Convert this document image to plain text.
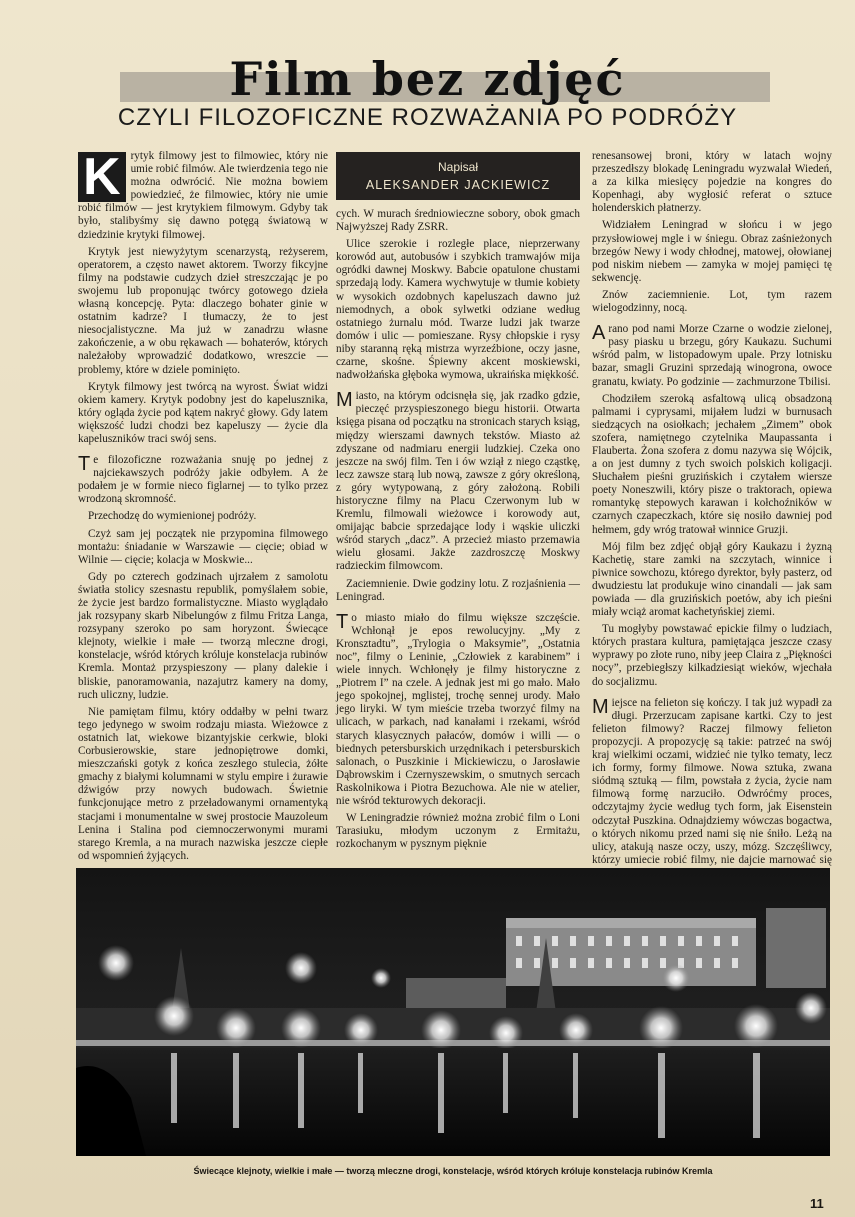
Film bez zdjęć
CZYLI FILOZOFICZNE ROZWAŻANIA PO PODRÓŻY

K rytyk filmowy jest to filmowiec, który nie umie robić filmów. Ale twierdzenia tego nie można odwrócić. Nie można bowiem powiedzieć, że filmowiec, który nie umie robić filmów — jest krytykiem filmowym. Gdyby tak było, stalibyśmy się dawno potęgą światową w dziedzinie krytyki filmowej.

Krytyk jest niewyżytym scenarzystą, reżyserem, operatorem, a często nawet aktorem. Tworzy fikcyjne filmy na podstawie cudzych dzieł streszczając je po swojemu lub proponując twórcy gotowego dzieła własną koncepcję. Pyta: dlaczego bohater ginie w ostatnim kadrze? I tłumaczy, że to jest niesocjalistyczne. Ma już w zanadrzu własne zakończenie, a w obu rękawach — bohaterów, których należałoby wprowadzić dodatkowo, wreszcie — problemy, które w dziele pominięto.

Krytyk filmowy jest twórcą na wyrost. Świat widzi okiem kamery. Krytyk podobny jest do kapelusznika, który ogląda życie pod kątem nakryć głowy. Gdy latem większość ludzi chodzi bez kapeluszy — życie dla kapeluszników traci swój sens.

T e filozoficzne rozważania snuję po jednej z najciekawszych podróży jakie odbyłem. A że podałem je w formie nieco figlarnej — to tylko przez wrodzoną skromność.

Przechodzę do wymienionej podróży.

Czyż sam jej początek nie przypomina filmowego montażu: śniadanie w Warszawie — cięcie; obiad w Wilnie — cięcie; kolacja w Moskwie...

Gdy po czterech godzinach ujrzałem z samolotu światła stolicy szesnastu republik, pomyślałem sobie, że życie jest bardzo formalistyczne. Miasto wyglądało jak rozsypany skarb Nibelungów z filmu Fritza Langa, rozsypany szeroko po sam horyzont. Świecące klejnoty, wielkie i małe — tworzą mleczne drogi, konstelacje, wśród których króluje konstelacja rubinów Kremla. Montaż przyspieszony — plany dalekie i bliskie, panoramowania, nazajutrz kamery na domy, ruch uliczny, ludzie.

Nie pamiętam filmu, który oddałby w pełni twarz tego jedynego w swoim rodzaju miasta. Wieżowce z ostatnich lat, wiekowe bizantyjskie cerkwie, bloki Corbusierowskie, stare jednopiętrowe domki, mieszczański gotyk z końca zeszłego stulecia, żółte gmachy z białymi kolumnami w stylu empire i żurawie dźwigów przy nowych budowach. Świetnie funkcjonujące metro z przeładowanymi ornamentyką stacjami i monumentalne w swej prostocie Mauzoleum Lenina i Stalina pod ciemnoczerwonymi murami starego Kremla, a na murach nazwiska jeszcze ciepłe od wspomnień żyjących.

Napisał
ALEKSANDER JACKIEWICZ

cych. W murach średniowieczne sobory, obok gmach Najwyższej Rady ZSRR.

Ulice szerokie i rozległe place, nieprzerwany korowód aut, autobusów i szybkich tramwajów mija ogródki dawnej Moskwy. Babcie opatulone chustami sprzedają lody. Kamera wychwytuje w tłumie kobiety w wysokich ozdobnych kapeluszach dawno już niemodnych, a obok sylwetki odziane według ostatniego żurnalu mód. Twarze ludzi jak twarze domów i ulic — pomieszane. Rysy chłopskie i rysy niby staranną ręką mistrza wyrzeźbione, oczy jasne, czarne, skośne. Śpiewny akcent moskiewski, nadwołżańska głęboka wymowa, ukraińska miękkość.

M iasto, na którym odcisnęła się, jak rzadko gdzie, pieczęć przyspieszonego biegu historii. Otwarta księga pisana od początku na stronicach starych ksiąg, między wierszami dawnych tekstów. Miasto aż zdyszane od nadmiaru energii ludzkiej. Czeka ono jeszcze na swój film. Ten i ów wziął z niego cząstkę, lecz zawsze starą lub nową, zawsze z góry określoną, z góry wytypowaną, z góry założoną. Robili historyczne filmy na Placu Czerwonym lub w Kremlu, filmowali wieżowce i korowody aut, omijając babcie sprzedające lody i wąskie uliczki wśród starych „dacz”. A przecież miasto przemawia wielu głosami. Jakże zazdroszczę Moskwy radzieckim filmowcom.

Zaciemnienie. Dwie godziny lotu. Z rozjaśnienia — Leningrad.

T o miasto miało do filmu większe szczęście. Wchłonął je epos rewolucyjny. „My z Kronsztadtu”, „Trylogia o Maksymie”, „Ostatnia noc”, filmy o Leninie, „Człowiek z karabinem” i wiele innych. Wchłonęły je filmy historyczne z „Piotrem I” na czele. A jednak jest mi go mało. Mało jego spokojnej, mglistej, trochę sennej urody. Mało jego liryki. W tym mieście trzeba tworzyć filmy na ulicach, w parkach, nad kanałami i rzekami, wśród starych klasycznych pałaców, domów i willi — o biednych petersburskich urzędnikach i petersburskich salonach, o Puszkinie i Mickiewiczu, o Jarosławie Dąbrowskim i Czernyszewskim, o smutnych sercach Raskolnikowa i Piotra Bezuchowa. Ale nie w atelier, nie wśród tekturowych dekoracji.

W Leningradzie również można zrobić film o Loni Tarasiuku, młodym uczonym z Ermitażu, rozkochanym w pysznym pięknie

renesansowej broni, który w latach wojny przeszedłszy blokadę Leningradu wyzwalał Wiedeń, a za kilka miesięcy pojedzie na kongres do Kopenhagi, aby wygłosić referat o sztuce holenderskich płatnerzy.

Widziałem Leningrad w słońcu i w jego przysłowiowej mgle i w śniegu. Obraz zaśnieżonych brzegów Newy i wody chłodnej, matowej, ołowianej pod niskim niebem — zamyka w mojej pamięci tę sekwencję.

Znów zaciemnienie. Lot, tym razem wielogodzinny, nocą.

A rano pod nami Morze Czarne o wodzie zielonej, pasy piasku u brzegu, góry Kaukazu. Suchumi wśród palm, w listopadowym upale. Przy lotnisku bazar, smagli Gruzini sprzedają winogrona, owoce granatu, kwiaty. Po godzinie — zachmurzone Tbilisi.

Chodziłem szeroką asfaltową ulicą obsadzoną palmami i cyprysami, mijałem ludzi w burnusach siedzących na osiołkach; jechałem „Zimem” obok szofera, namiętnego czytelnika Maupassanta i Flauberta. Żona szofera z domu nazywa się Wójcik, a on jest dumny z tych swoich polskich koligacji. Słuchałem pieśni gruzińskich i czytałem wiersze poety Noneszwili, który pisze o traktorach, opiewa romantykę stepowych karawan i kołchoźników w czarnych czapeczkach, które się nosiło dawniej pod hełmem, gdy wróg tratował winnice Gruzji.

Mój film bez zdjęć objął góry Kaukazu i żyzną Kachetię, stare zamki na szczytach, winnice i piwnice sowchozu, którego dyrektor, były pasterz, od dwudziestu lat produkuje wino cinandali — jak sam powiada — dla gruzińskich poetów, aby ich pieśni miały wciąż aromat kachetyńskiej ziemi.

Tu mogłyby powstawać epickie filmy o ludziach, których prastara kultura, pamiętająca jeszcze czasy wyprawy po złote runo, niby jeep Claira z „Piękności nocy”, przebiegłszy kilkadziesiąt wieków, wjechała do socjalizmu.

M iejsce na felieton się kończy. I tak już wypadł za długi. Przerzucam zapisane kartki. Czy to jest felieton filmowy? Raczej filmowy felieton propozycji. A propozycję są takie: patrzeć na swój kraj wielkimi oczami, widzieć nie tylko tematy, lecz ich formy, formy filmowe. Nowa sztuka, zwana siódmą sztuką — film, powstała z życia, życie nam filmową formę narzuciło. Odwróćmy proces, odczytajmy życie według tych form, jak Eisenstein odczytał Puszkina. Odnajdziemy wówczas bogactwa, o których nikomu przed nami się nie śniło. Leżą na ulicy, atakują nasze oczy, uszy, mózg. Szczęśliwcy, którzy umiecie robić filmy, nie dajcie marnować się

Świecące klejnoty, wielkie i małe — tworzą mleczne drogi, konstelacje, wśród których króluje konstelacja rubinów Kremla
11
